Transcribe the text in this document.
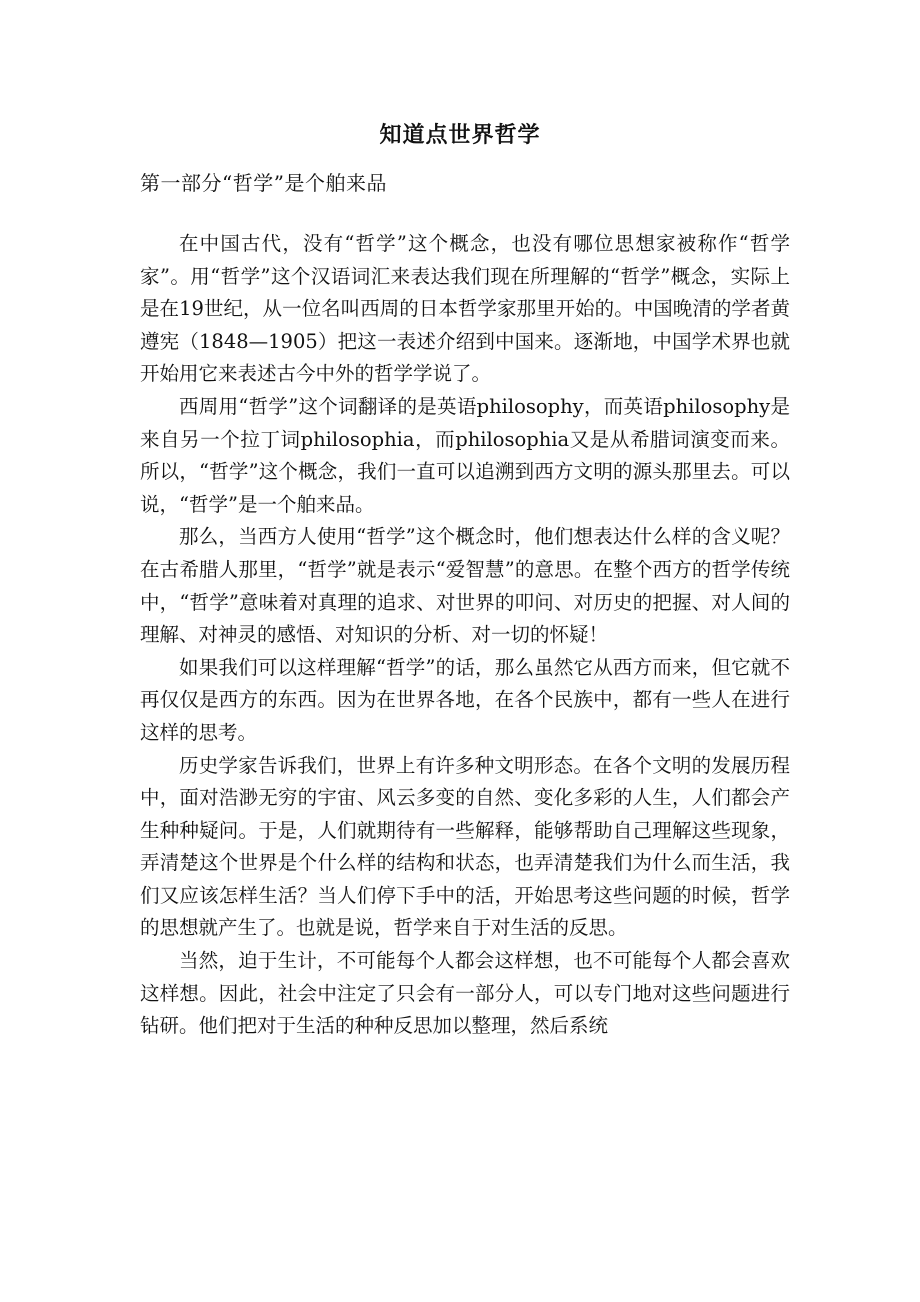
知道点世界哲学
第一部分“哲学”是个舶来品

在中国古代，没有“哲学”这个概念，也没有哪位思想家被称作“哲学家”。用“哲学”这个汉语词汇来表达我们现在所理解的“哲学”概念，实际上是在19世纪，从一位名叫西周的日本哲学家那里开始的。中国晚清的学者黄遵宪（1848—1905）把这一表述介绍到中国来。逐渐地，中国学术界也就开始用它来表述古今中外的哲学学说了。

西周用“哲学”这个词翻译的是英语philosophy，而英语philosophy是来自另一个拉丁词philosophia，而philosophia又是从希腊词演变而来。所以，“哲学”这个概念，我们一直可以追溯到西方文明的源头那里去。可以说，“哲学”是一个舶来品。

那么，当西方人使用“哲学”这个概念时，他们想表达什么样的含义呢？在古希腊人那里，“哲学”就是表示“爱智慧”的意思。在整个西方的哲学传统中，“哲学”意味着对真理的追求、对世界的叩问、对历史的把握、对人间的理解、对神灵的感悟、对知识的分析、对一切的怀疑！

如果我们可以这样理解“哲学”的话，那么虽然它从西方而来，但它就不再仅仅是西方的东西。因为在世界各地，在各个民族中，都有一些人在进行这样的思考。

历史学家告诉我们，世界上有许多种文明形态。在各个文明的发展历程中，面对浩渺无穷的宇宙、风云多变的自然、变化多彩的人生，人们都会产生种种疑问。于是，人们就期待有一些解释，能够帮助自己理解这些现象，弄清楚这个世界是个什么样的结构和状态，也弄清楚我们为什么而生活，我们又应该怎样生活？当人们停下手中的活，开始思考这些问题的时候，哲学的思想就产生了。也就是说，哲学来自于对生活的反思。

当然，迫于生计，不可能每个人都会这样想，也不可能每个人都会喜欢这样想。因此，社会中注定了只会有一部分人，可以专门地对这些问题进行钻研。他们把对于生活的种种反思加以整理，然后系统
